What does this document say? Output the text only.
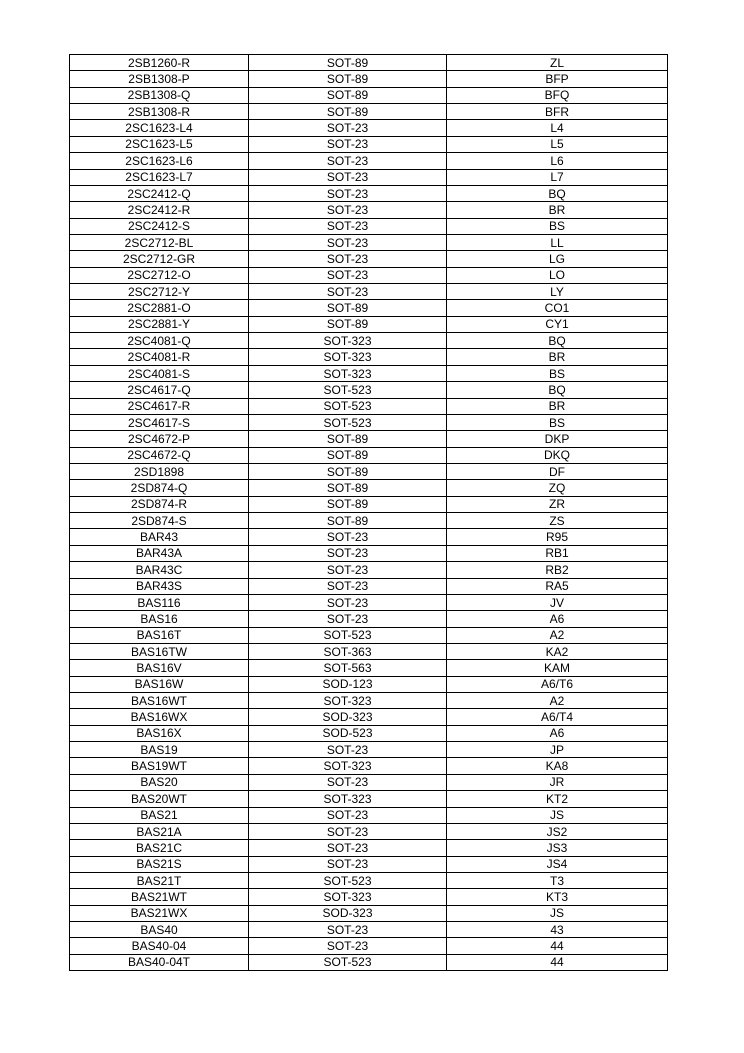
2SB1260-R	SOT-89	ZL
2SB1308-P	SOT-89	BFP
2SB1308-Q	SOT-89	BFQ
2SB1308-R	SOT-89	BFR
2SC1623-L4	SOT-23	L4
2SC1623-L5	SOT-23	L5
2SC1623-L6	SOT-23	L6
2SC1623-L7	SOT-23	L7
2SC2412-Q	SOT-23	BQ
2SC2412-R	SOT-23	BR
2SC2412-S	SOT-23	BS
2SC2712-BL	SOT-23	LL
2SC2712-GR	SOT-23	LG
2SC2712-O	SOT-23	LO
2SC2712-Y	SOT-23	LY
2SC2881-O	SOT-89	CO1
2SC2881-Y	SOT-89	CY1
2SC4081-Q	SOT-323	BQ
2SC4081-R	SOT-323	BR
2SC4081-S	SOT-323	BS
2SC4617-Q	SOT-523	BQ
2SC4617-R	SOT-523	BR
2SC4617-S	SOT-523	BS
2SC4672-P	SOT-89	DKP
2SC4672-Q	SOT-89	DKQ
2SD1898	SOT-89	DF
2SD874-Q	SOT-89	ZQ
2SD874-R	SOT-89	ZR
2SD874-S	SOT-89	ZS
BAR43	SOT-23	R95
BAR43A	SOT-23	RB1
BAR43C	SOT-23	RB2
BAR43S	SOT-23	RA5
BAS116	SOT-23	JV
BAS16	SOT-23	A6
BAS16T	SOT-523	A2
BAS16TW	SOT-363	KA2
BAS16V	SOT-563	KAM
BAS16W	SOD-123	A6/T6
BAS16WT	SOT-323	A2
BAS16WX	SOD-323	A6/T4
BAS16X	SOD-523	A6
BAS19	SOT-23	JP
BAS19WT	SOT-323	KA8
BAS20	SOT-23	JR
BAS20WT	SOT-323	KT2
BAS21	SOT-23	JS
BAS21A	SOT-23	JS2
BAS21C	SOT-23	JS3
BAS21S	SOT-23	JS4
BAS21T	SOT-523	T3
BAS21WT	SOT-323	KT3
BAS21WX	SOD-323	JS
BAS40	SOT-23	43
BAS40-04	SOT-23	44
BAS40-04T	SOT-523	44
